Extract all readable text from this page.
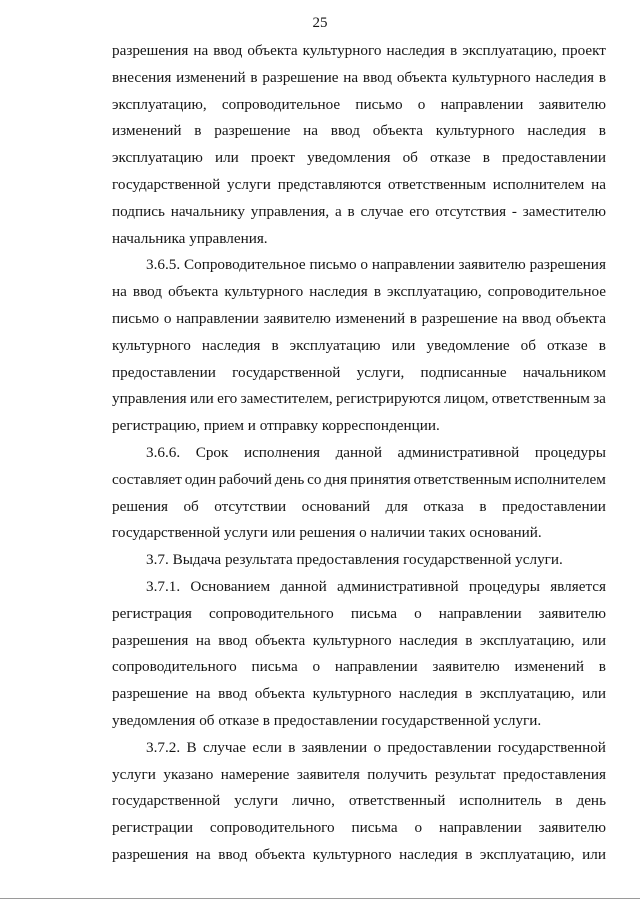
25
разрешения на ввод объекта культурного наследия в эксплуатацию, проект
внесения изменений в разрешение на ввод объекта культурного наследия в
эксплуатацию, сопроводительное письмо о направлении заявителю
изменений в разрешение на ввод объекта культурного наследия в
эксплуатацию или проект уведомления об отказе в предоставлении
государственной услуги представляются ответственным исполнителем на
подпись начальнику управления, а в случае его отсутствия - заместителю
начальника управления.
3.6.5. Сопроводительное письмо о направлении заявителю разрешения
на ввод объекта культурного наследия в эксплуатацию, сопроводительное
письмо о направлении заявителю изменений в разрешение на ввод объекта
культурного наследия в эксплуатацию или уведомление об отказе в
предоставлении государственной услуги, подписанные начальником
управления или его заместителем, регистрируются лицом, ответственным за
регистрацию, прием и отправку корреспонденции.
3.6.6. Срок исполнения данной административной процедуры
составляет один рабочий день со дня принятия ответственным исполнителем
решения об отсутствии оснований для отказа в предоставлении
государственной услуги или решения о наличии таких оснований.
3.7. Выдача результата предоставления государственной услуги.
3.7.1. Основанием данной административной процедуры является
регистрация сопроводительного письма о направлении заявителю
разрешения на ввод объекта культурного наследия в эксплуатацию, или
сопроводительного письма о направлении заявителю изменений в
разрешение на ввод объекта культурного наследия в эксплуатацию, или
уведомления об отказе в предоставлении государственной услуги.
3.7.2. В случае если в заявлении о предоставлении государственной
услуги указано намерение заявителя получить результат предоставления
государственной услуги лично, ответственный исполнитель в день
регистрации сопроводительного письма о направлении заявителю
разрешения на ввод объекта культурного наследия в эксплуатацию, или
